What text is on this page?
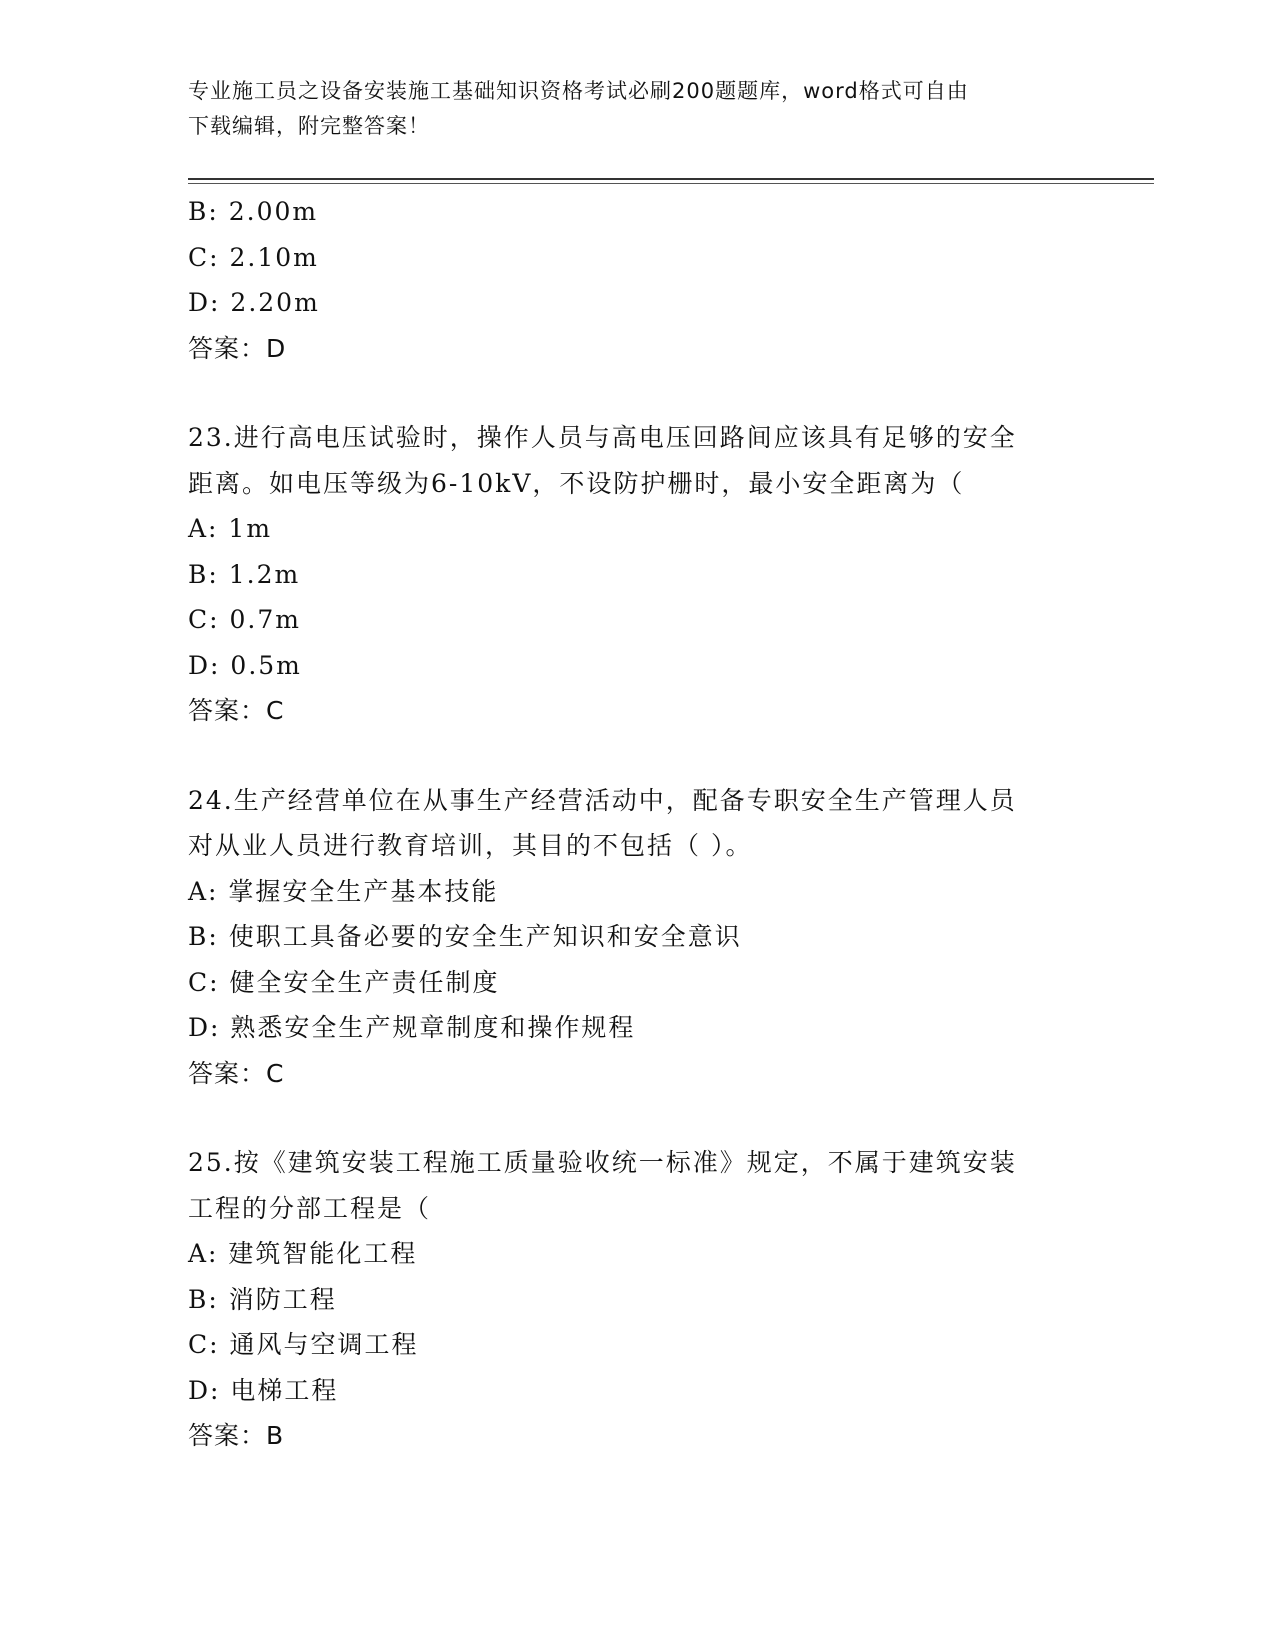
专业施工员之设备安装施工基础知识资格考试必刷200题题库，word格式可自由
下载编辑，附完整答案！
B: 2.00m
C: 2.10m
D: 2.20m
答案：D
23.进行高电压试验时，操作人员与高电压回路间应该具有足够的安全
距离。如电压等级为6-10kV，不设防护栅时，最小安全距离为（
A: 1m
B: 1.2m
C: 0.7m
D: 0.5m
答案：C
24.生产经营单位在从事生产经营活动中，配备专职安全生产管理人员
对从业人员进行教育培训，其目的不包括（ ）。
A: 掌握安全生产基本技能
B: 使职工具备必要的安全生产知识和安全意识
C: 健全安全生产责任制度
D: 熟悉安全生产规章制度和操作规程
答案：C
25.按《建筑安装工程施工质量验收统一标准》规定，不属于建筑安装
工程的分部工程是（
A: 建筑智能化工程
B: 消防工程
C: 通风与空调工程
D: 电梯工程
答案：B
